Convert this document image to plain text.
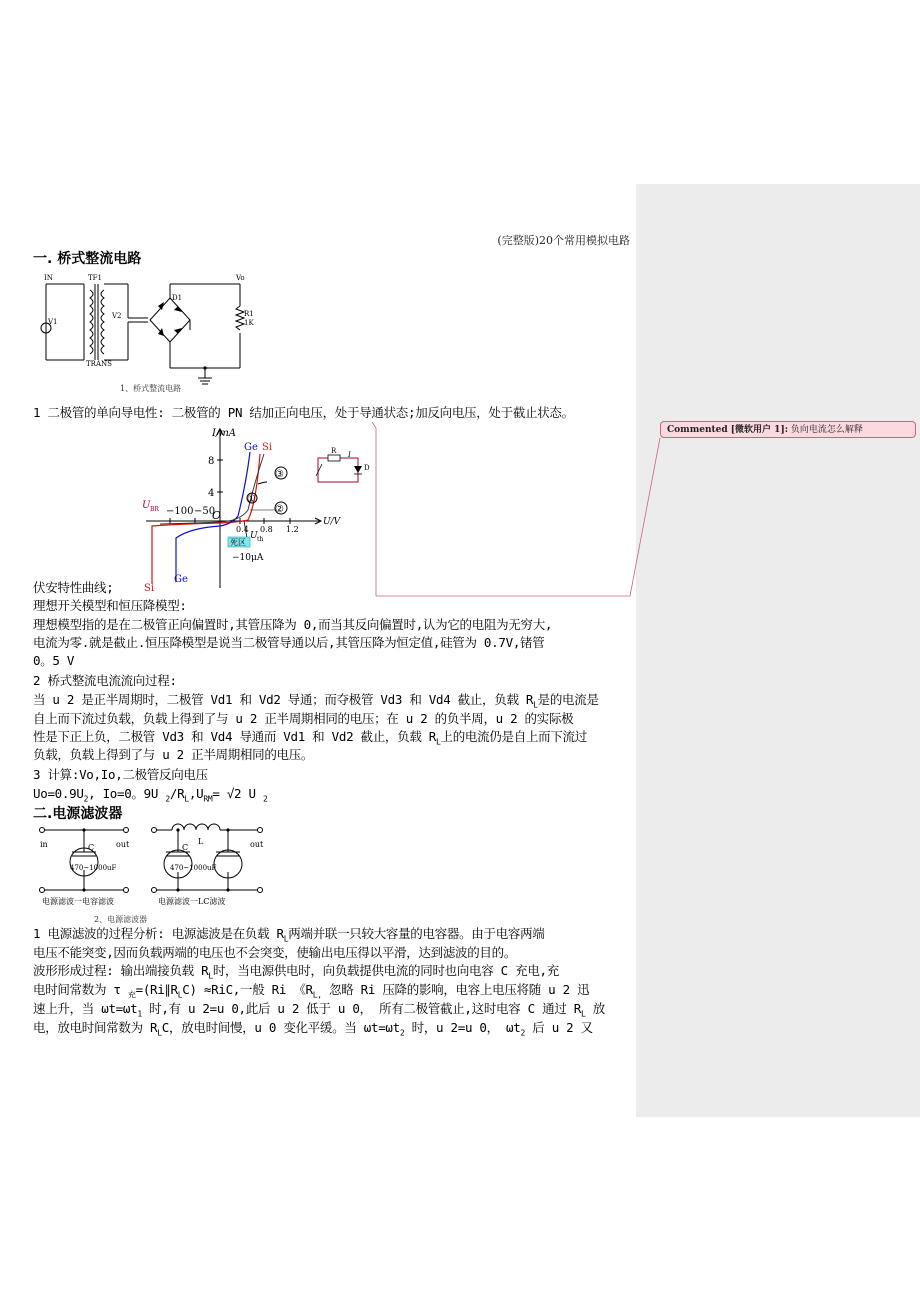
(完整版)20个常用模拟电路
一. 桥式整流电路
IN	TF1	Vo
V1
V2
D1
R1
1K
TRANS
1、桥式整流电路
1 二极管的单向导电性: 二极管的 PN 结加正向电压，处于导通状态;加反向电压，处于截止状态。
死区
①
②
③
I/mA
U/V
8
4
−100 −50
O
0.4 0.8 1.2
U BR
U th
−10μA
Ge Si
Ge
Si
R I
D
伏安特性曲线;
理想开关模型和恒压降模型:
理想模型指的是在二极管正向偏置时,其管压降为 0,而当其反向偏置时,认为它的电阻为无穷大,
电流为零.就是截止.恒压降模型是说当二极管导通以后,其管压降为恒定值,硅管为 0.7V,锗管
0。5 V
2 桥式整流电流流向过程:
当 u 2 是正半周期时，二极管 Vd1 和 Vd2 导通；而夺极管 Vd3 和 Vd4 截止，负载 $R_L$是的电流是
自上而下流过负载，负载上得到了与 u 2 正半周期相同的电压；在 u 2 的负半周，u 2 的实际极
性是下正上负，二极管 Vd3 和 Vd4 导通而 Vd1 和 Vd2 截止，负载 $R_L$上的电流仍是自上而下流过
负载，负载上得到了与 u 2 正半周期相同的电压。
3 计算:Vo,Io,二极管反向电压
$Uo=0.9U_2$, Io=0。9U $_2/R_L,U_{RM}= √2$ U $_2$
二.电源滤波器
in	out	out
C	C
L
470~1000uF	470~1000uF
电源滤波一电容滤波	电源滤波一LC滤波
2、电源滤波器
1 电源滤波的过程分析: 电源滤波是在负载 $R_L$两端并联一只较大容量的电容器。由于电容两端
电压不能突变,因而负载两端的电压也不会突变，使输出电压得以平滑，达到滤波的目的。
波形形成过程: 输出端接负载 $R_L$时，当电源供电时，向负载提供电流的同时也向电容 C 充电,充
电时间常数为 τ $_充=(Ri\parallel R_LC) \approx RiC$,一般 Ri 《$R_{L,}$ 忽略 Ri 压降的影响，电容上电压将随 u 2 迅
速上升，当 $\omega t=\omega t_1$ 时,有 u 2=u 0,此后 u 2 低于 u 0， 所有二极管截止,这时电容 C 通过 $R_L$ 放
电，放电时间常数为 $R_LC$，放电时间慢，u 0 变化平缓。当 $\omega t=\omega t_2$ 时，u 2=u 0， $\omega t_2$ 后 u 2 又
Commented [微软用户 1]: 负向电流怎么解释
